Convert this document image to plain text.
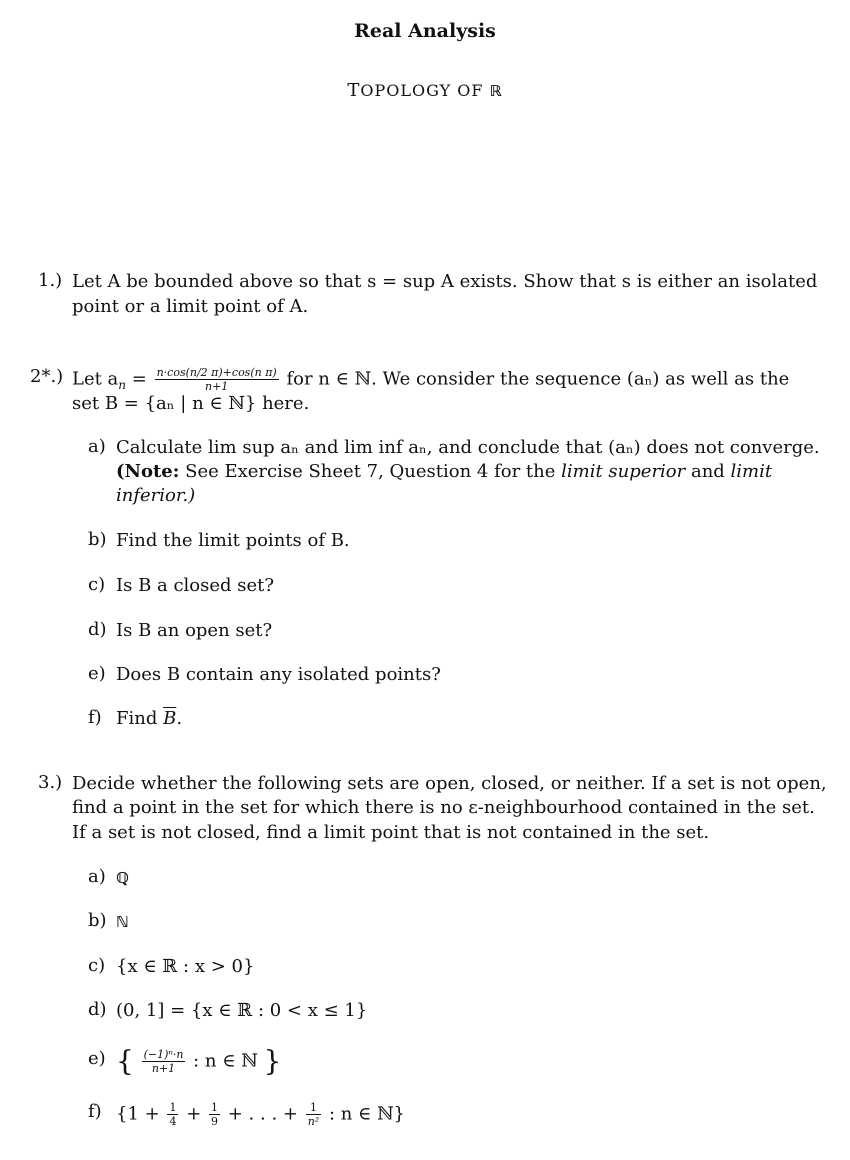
Real Analysis
TOPOLOGY OF ℝ
1.) Let A be bounded above so that s = sup A exists. Show that s is either an isolated
point or a limit point of A.
2*.) Let $a_n = \frac{\text{n·cos(n/2 π)+cos(n π)}}{n+1}$ for n ∈ ℕ. We consider the sequence (aₙ) as well as the
set B = {aₙ | n ∈ ℕ} here.
a) Calculate lim sup aₙ and lim inf aₙ, and conclude that (aₙ) does not converge.
(Note: See Exercise Sheet 7, Question 4 for the limit superior and limit
inferior.)
b) Find the limit points of B.
c) Is B a closed set?
d) Is B an open set?
e) Does B contain any isolated points?
f) Find $\overline{B}$.
3.) Decide whether the following sets are open, closed, or neither. If a set is not open,
find a point in the set for which there is no ε-neighbourhood contained in the set.
If a set is not closed, find a limit point that is not contained in the set.
a) ℚ
b) ℕ
c) {x ∈ ℝ : x > 0}
d) (0, 1] = {x ∈ ℝ : 0 < x ≤ 1}
e) { $\frac{\text{(−1)ⁿ·n}}{n+1}$ : n ∈ ℕ }
f) {$1 + \frac{1}{4} + \frac{1}{9}$ + . . . + $\frac{1}{\text{n²}}$ : n ∈ ℕ}
